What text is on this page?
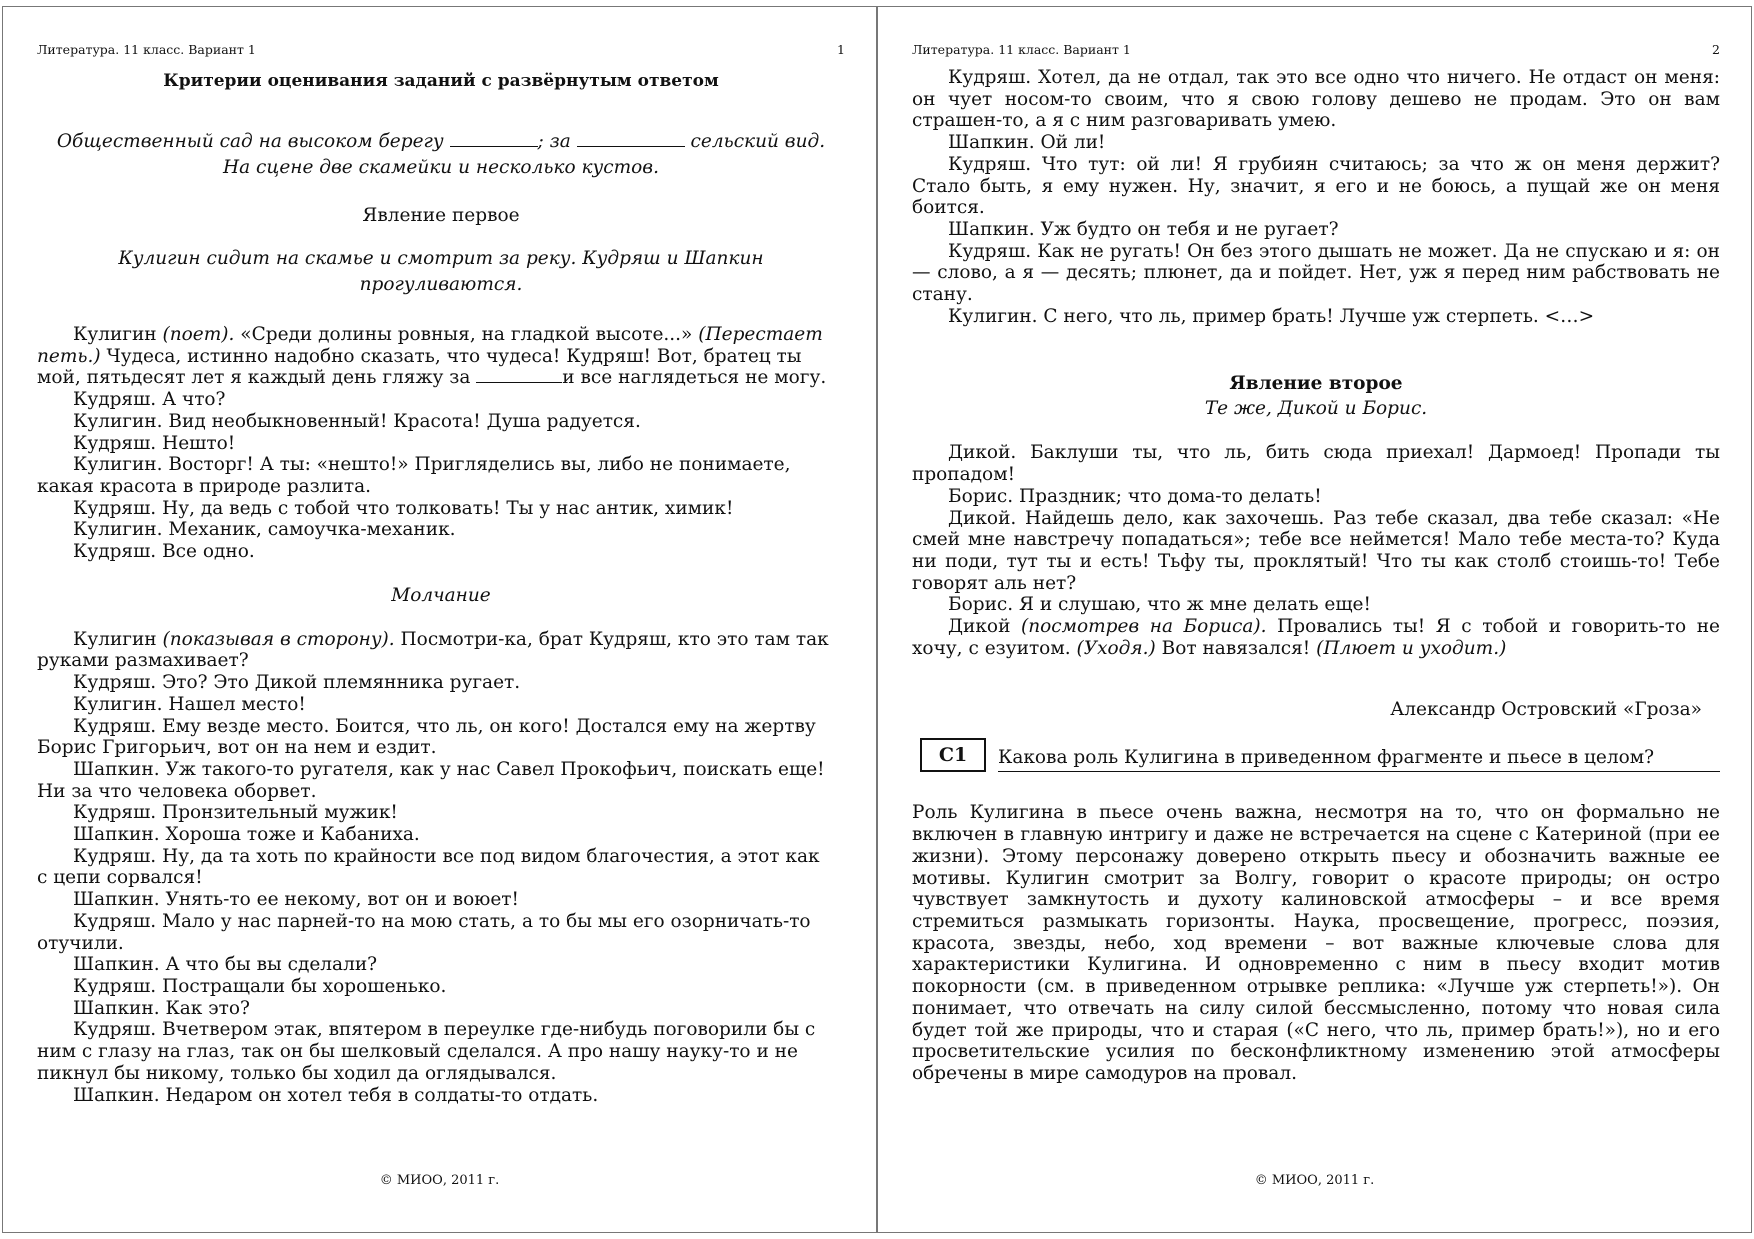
Литература. 11 класс. Вариант 1	1

Критерии оценивания заданий с развёрнутым ответом

Общественный сад на высоком берегу	; за	сельский вид.

На сцене две скамейки и несколько кустов.

Явление первое

Кулигин сидит на скамье и смотрит за реку. Кудряш и Шапкин прогуливаются.

Кулигин (поет). «Среди долины ровныя, на гладкой высоте...» (Перестает

петь.) Чудеса, истинно надобно сказать, что чудеса! Кудряш! Вот, братец ты

мой, пятьдесят лет я каждый день гляжу за	и все наглядеться не могу.

Кудряш. А что?

Кулигин. Вид необыкновенный! Красота! Душа радуется.

Кудряш. Нешто!

Кулигин. Восторг! А ты: «нешто!» Пригляделись вы, либо не понимаете,

какая красота в природе разлита.

Кудряш. Ну, да ведь с тобой что толковать! Ты у нас антик, химик!

Кулигин. Механик, самоучка-механик.

Кудряш. Все одно.

Молчание

Кулигин (показывая в сторону). Посмотри-ка, брат Кудряш, кто это там так

руками размахивает?

Кудряш. Это? Это Дикой племянника ругает.

Кулигин. Нашел место!

Кудряш. Ему везде место. Боится, что ль, он кого! Достался ему на жертву

Борис Григорьич, вот он на нем и ездит.

Шапкин. Уж такого-то ругателя, как у нас Савел Прокофьич, поискать еще!

Ни за что человека оборвет.

Кудряш. Пронзительный мужик!

Шапкин. Хороша тоже и Кабаниха.

Кудряш. Ну, да та хоть по крайности все под видом благочестия, а этот как

с цепи сорвался!

Шапкин. Унять-то ее некому, вот он и воюет!

Кудряш. Мало у нас парней-то на мою стать, а то бы мы его озорничать-то

отучили.

Шапкин. А что бы вы сделали?

Кудряш. Постращали бы хорошенько.

Шапкин. Как это?

Кудряш. Вчетвером этак, впятером в переулке где-нибудь поговорили бы с

ним с глазу на глаз, так он бы шелковый сделался. А про нашу науку-то и не

пикнул бы никому, только бы ходил да оглядывался.

Шапкин. Недаром он хотел тебя в солдаты-то отдать.

© МИОО, 2011 г.
Литература. 11 класс. Вариант 1	2

Кудряш. Хотел, да не отдал, так это все одно что ничего. Не отдаст он меня: он чует носом-то своим, что я свою голову дешево не продам. Это он вам страшен-то, а я с ним разговаривать умею.

Шапкин. Ой ли!

Кудряш. Что тут: ой ли! Я грубиян считаюсь; за что ж он меня держит? Стало быть, я ему нужен. Ну, значит, я его и не боюсь, а пущай же он меня боится.

Шапкин. Уж будто он тебя и не ругает?

Кудряш. Как не ругать! Он без этого дышать не может. Да не спускаю и я: он — слово, а я — десять; плюнет, да и пойдет. Нет, уж я перед ним рабствовать не стану.

Кулигин. С него, что ль, пример брать! Лучше уж стерпеть. <…>

Явление второе

Те же, Дикой и Борис.

Дикой. Баклуши ты, что ль, бить сюда приехал! Дармоед! Пропади ты пропадом!

Борис. Праздник; что дома-то делать!

Дикой. Найдешь дело, как захочешь. Раз тебе сказал, два тебе сказал: «Не смей мне навстречу попадаться»; тебе все неймется! Мало тебе места-то? Куда ни поди, тут ты и есть! Тьфу ты, проклятый! Что ты как столб стоишь-то! Тебе говорят аль нет?

Борис. Я и слушаю, что ж мне делать еще!

Дикой (посмотрев на Бориса). Провались ты! Я с тобой и говорить-то не хочу, с езуитом. (Уходя.) Вот навязался! (Плюет и уходит.)

Александр Островский «Гроза»

С1	Какова роль Кулигина в приведенном фрагменте и пьесе в целом?

Роль Кулигина в пьесе очень важна, несмотря на то, что он формально не включен в главную интригу и даже не встречается на сцене с Катериной (при ее жизни). Этому персонажу доверено открыть пьесу и обозначить важные ее мотивы. Кулигин смотрит за Волгу, говорит о красоте природы; он остро чувствует замкнутость и духоту калиновской атмосферы – и все время стремиться размыкать горизонты. Наука, просвещение, прогресс, поэзия, красота, звезды, небо, ход времени – вот важные ключевые слова для характеристики Кулигина. И одновременно с ним в пьесу входит мотив покорности (см. в приведенном отрывке реплика: «Лучше уж стерпеть!»). Он понимает, что отвечать на силу силой бессмысленно, потому что новая сила будет той же природы, что и старая («С него, что ль, пример брать!»), но и его просветительские усилия по бесконфликтному изменению этой атмосферы обречены в мире самодуров на провал.

© МИОО, 2011 г.
